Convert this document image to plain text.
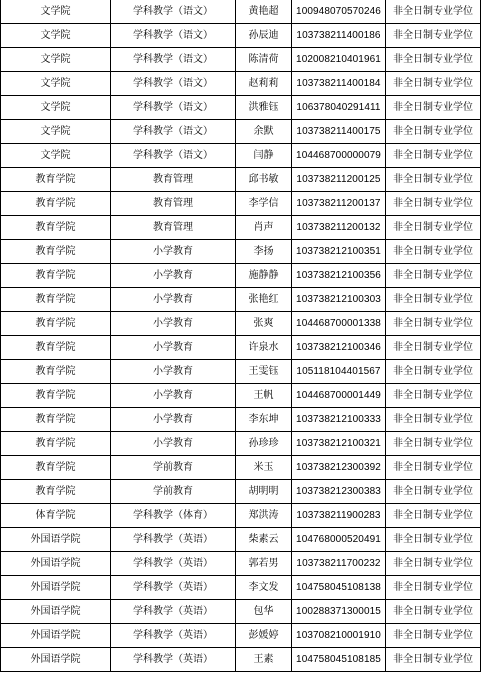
文学院	学科教学（语文）	黄艳超	100948070570246	非全日制专业学位
文学院	学科教学（语文）	孙辰迪	103738211400186	非全日制专业学位
文学院	学科教学（语文）	陈清荷	102008210401961	非全日制专业学位
文学院	学科教学（语文）	赵莉莉	103738211400184	非全日制专业学位
文学院	学科教学（语文）	洪雅钰	106378040291411	非全日制专业学位
文学院	学科教学（语文）	余默	103738211400175	非全日制专业学位
文学院	学科教学（语文）	闫静	104468700000079	非全日制专业学位
教育学院	教育管理	邱书敏	103738211200125	非全日制专业学位
教育学院	教育管理	李学信	103738211200137	非全日制专业学位
教育学院	教育管理	肖声	103738211200132	非全日制专业学位
教育学院	小学教育	李扬	103738212100351	非全日制专业学位
教育学院	小学教育	施静静	103738212100356	非全日制专业学位
教育学院	小学教育	张艳红	103738212100303	非全日制专业学位
教育学院	小学教育	张爽	104468700001338	非全日制专业学位
教育学院	小学教育	许泉水	103738212100346	非全日制专业学位
教育学院	小学教育	王雯钰	105118104401567	非全日制专业学位
教育学院	小学教育	王帆	104468700001449	非全日制专业学位
教育学院	小学教育	李东坤	103738212100333	非全日制专业学位
教育学院	小学教育	孙珍珍	103738212100321	非全日制专业学位
教育学院	学前教育	米玉	103738212300392	非全日制专业学位
教育学院	学前教育	胡明明	103738212300383	非全日制专业学位
体育学院	学科教学（体育）	郑洪涛	103738211900283	非全日制专业学位
外国语学院	学科教学（英语）	柴素云	104768000520491	非全日制专业学位
外国语学院	学科教学（英语）	郭若男	103738211700232	非全日制专业学位
外国语学院	学科教学（英语）	李文发	104758045108138	非全日制专业学位
外国语学院	学科教学（英语）	包华	100288371300015	非全日制专业学位
外国语学院	学科教学（英语）	彭媛婷	103708210001910	非全日制专业学位
外国语学院	学科教学（英语）	王素	104758045108185	非全日制专业学位
